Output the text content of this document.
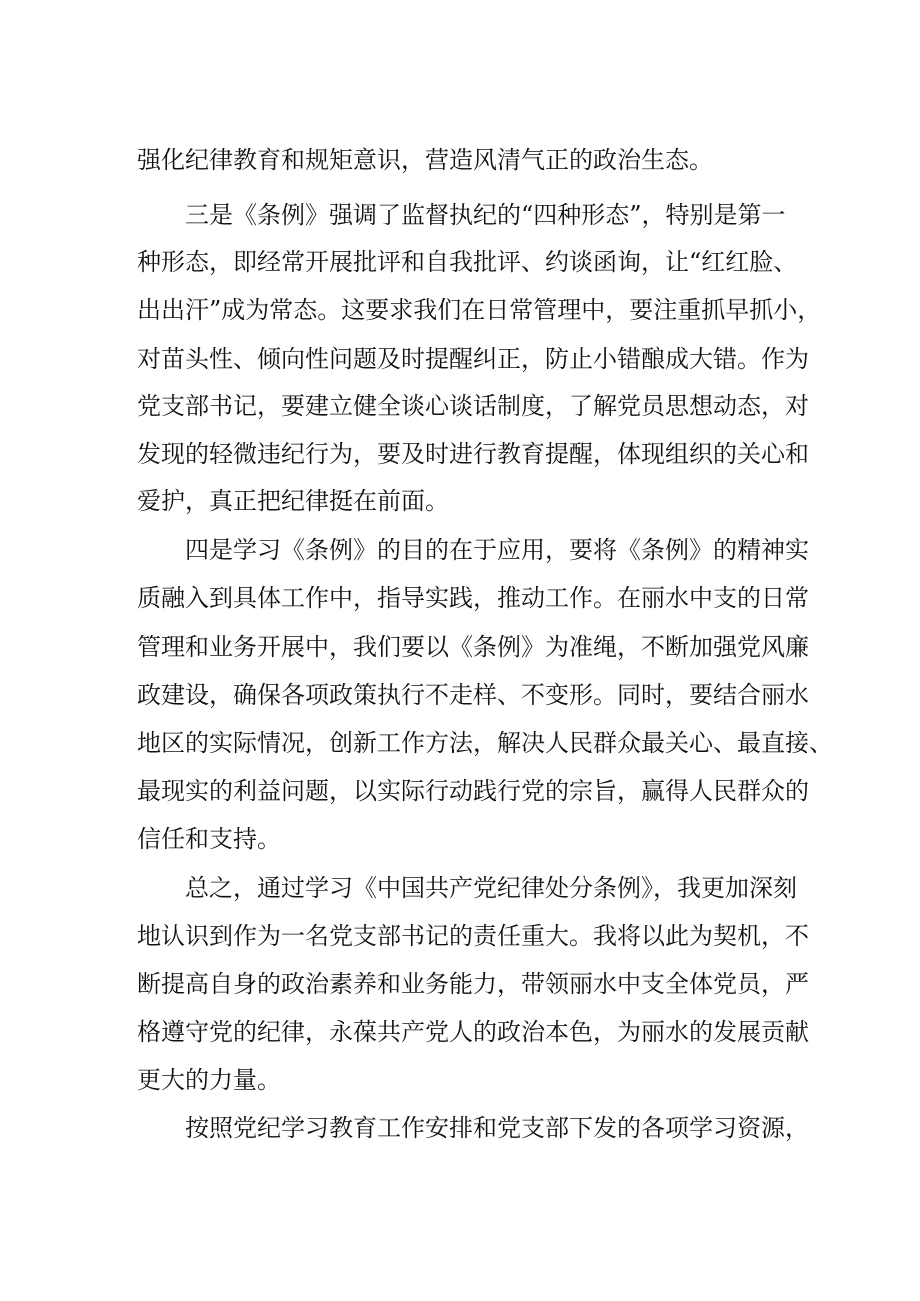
强化纪律教育和规矩意识，营造风清气正的政治生态。
三是《条例》强调了监督执纪的“四种形态”，特别是第一
种形态，即经常开展批评和自我批评、约谈函询，让“红红脸、
出出汗”成为常态。这要求我们在日常管理中，要注重抓早抓小，
对苗头性、倾向性问题及时提醒纠正，防止小错酿成大错。作为
党支部书记，要建立健全谈心谈话制度，了解党员思想动态，对
发现的轻微违纪行为，要及时进行教育提醒，体现组织的关心和
爱护，真正把纪律挺在前面。
四是学习《条例》的目的在于应用，要将《条例》的精神实
质融入到具体工作中，指导实践，推动工作。在丽水中支的日常
管理和业务开展中，我们要以《条例》为准绳，不断加强党风廉
政建设，确保各项政策执行不走样、不变形。同时，要结合丽水
地区的实际情况，创新工作方法，解决人民群众最关心、最直接、
最现实的利益问题，以实际行动践行党的宗旨，赢得人民群众的
信任和支持。
总之，通过学习《中国共产党纪律处分条例》，我更加深刻
地认识到作为一名党支部书记的责任重大。我将以此为契机，不
断提高自身的政治素养和业务能力，带领丽水中支全体党员，严
格遵守党的纪律，永葆共产党人的政治本色，为丽水的发展贡献
更大的力量。
按照党纪学习教育工作安排和党支部下发的各项学习资源，
